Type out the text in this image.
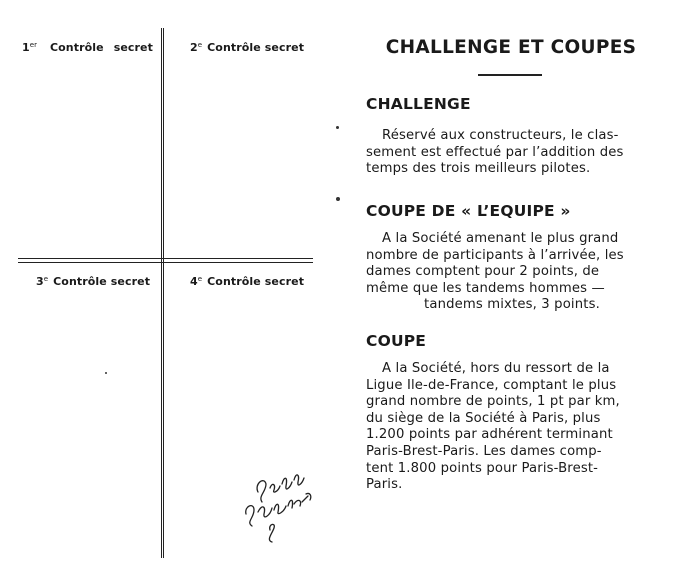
1er Contrôle secret	2e Contrôle secret
3e Contrôle secret	4e Contrôle secret
CHALLENGE ET COUPES
CHALLENGE
Réservé aux constructeurs, le clas-
sement est effectué par l’addition des
temps des trois meilleurs pilotes.
COUPE DE « L’EQUIPE »
A la Société amenant le plus grand
nombre de participants à l’arrivée, les
dames comptent pour 2 points, de
même que les tandems hommes —
tandems mixtes, 3 points.
COUPE
A la Société, hors du ressort de la
Ligue Ile-de-France, comptant le plus
grand nombre de points, 1 pt par km,
du siège de la Société à Paris, plus
1.200 points par adhérent terminant
Paris-Brest-Paris. Les dames comp-
tent 1.800 points pour Paris-Brest-
Paris.
